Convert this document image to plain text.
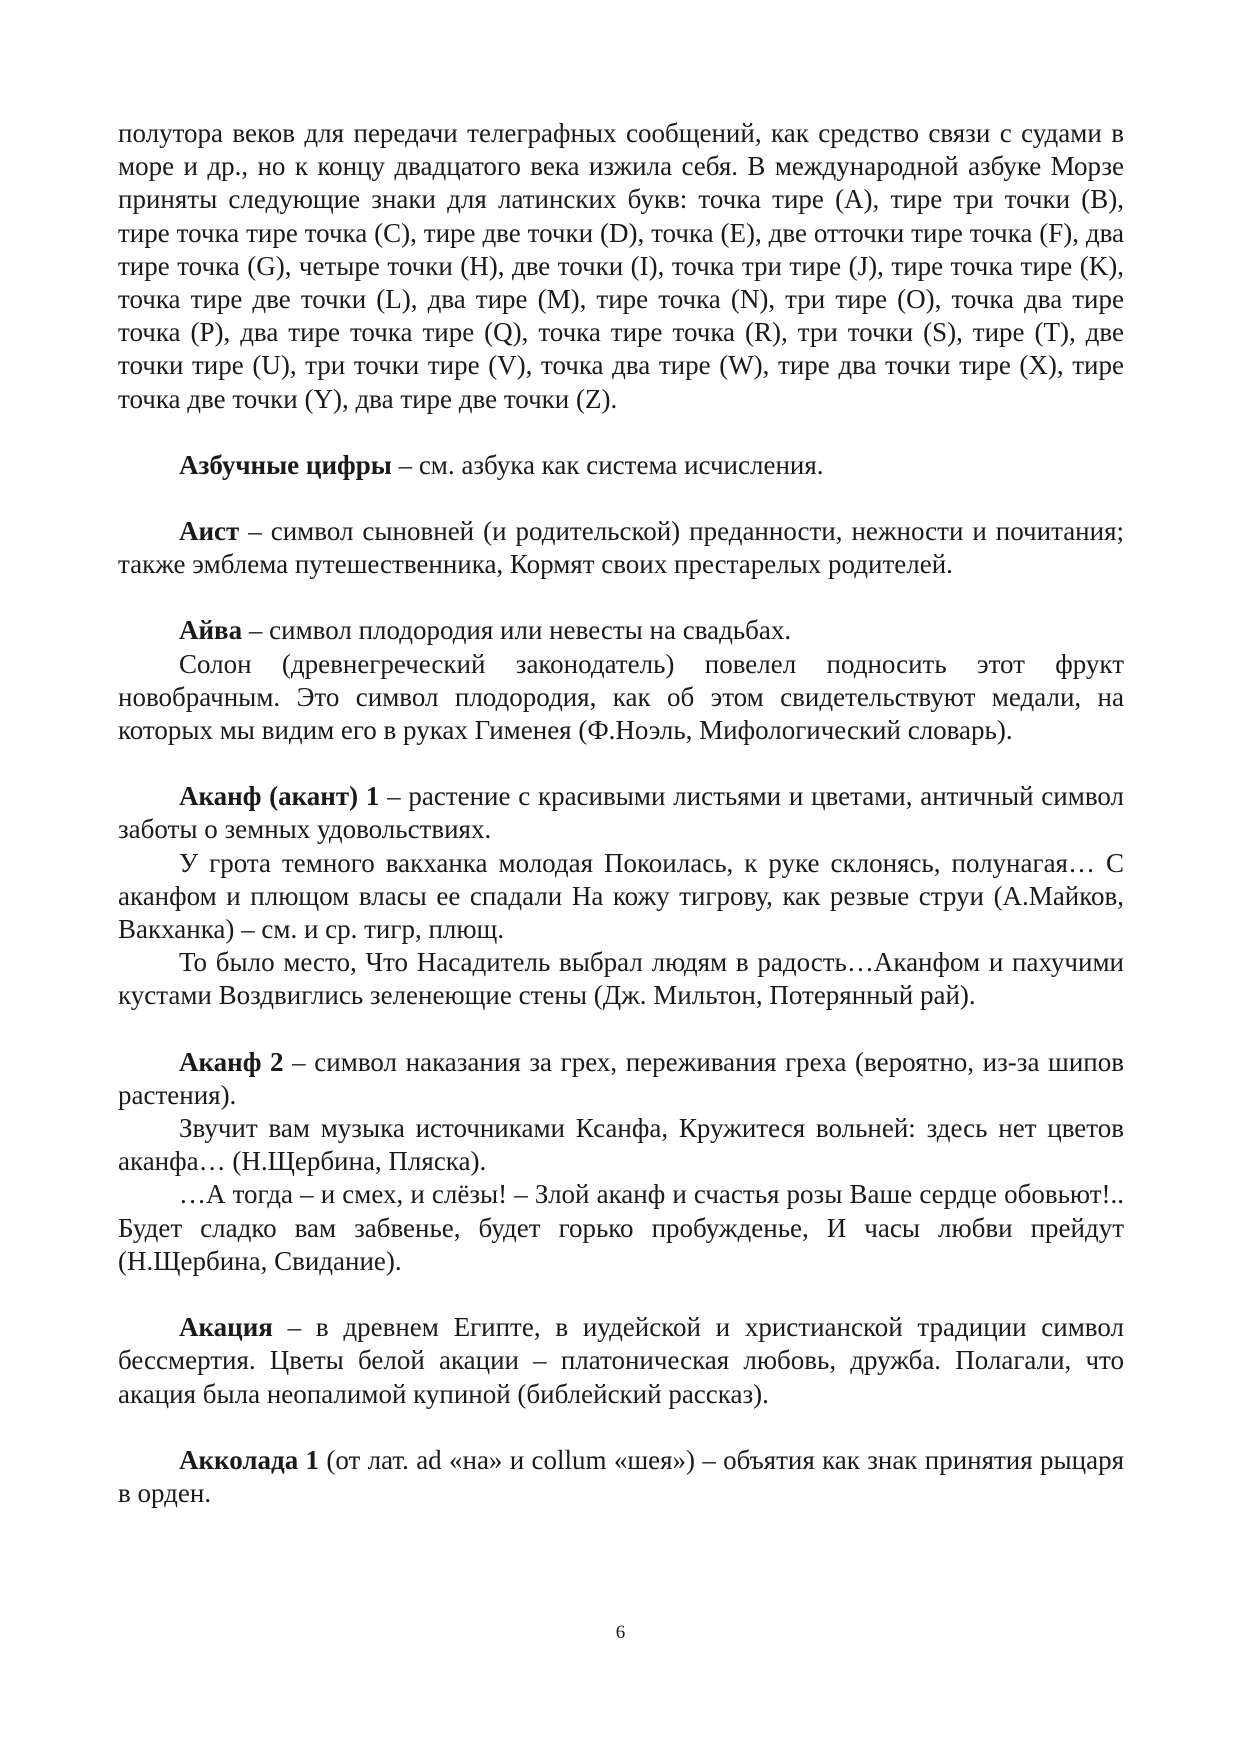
полутора веков для передачи телеграфных сообщений, как средство связи с судами в море и др., но к концу двадцатого века изжила себя. В международной азбуке Морзе приняты следующие знаки для латинских букв: точка тире (A), тире три точки (B), тире точка тире точка (C), тире две точки (D), точка (E), две отточки тире точка (F), два тире точка (G), четыре точки (H), две точки (I), точка три тире (J), тире точка тире (K), точка тире две точки (L), два тире (M), тире точка (N), три тире (O), точка два тире точка (P), два тире точка тире (Q), точка тире точка (R), три точки (S), тире (T), две точки тире (U), три точки тире (V), точка два тире (W), тире два точки тире (X), тире точка две точки (Y), два тире две точки (Z).

Азбучные цифры – см. азбука как система исчисления.

Аист – символ сыновней (и родительской) преданности, нежности и почитания; также эмблема путешественника, Кормят своих престарелых родителей.

Айва – символ плодородия или невесты на свадьбах.

Солон (древнегреческий законодатель) повелел подносить этот фрукт новобрачным. Это символ плодородия, как об этом свидетельствуют медали, на которых мы видим его в руках Гименея (Ф.Ноэль, Мифологический словарь).

Аканф (акант) 1 – растение с красивыми листьями и цветами, античный символ заботы о земных удовольствиях.

У грота темного вакханка молодая Покоилась, к руке склонясь, полунагая… С аканфом и плющом власы ее спадали На кожу тигрову, как резвые струи (А.Майков, Вакханка) – см. и ср. тигр, плющ.

То было место, Что Насадитель выбрал людям в радость…Аканфом и пахучими кустами Воздвиглись зеленеющие стены (Дж. Мильтон, Потерянный рай).

Аканф 2 – символ наказания за грех, переживания греха (вероятно, из-за шипов растения).

Звучит вам музыка источниками Ксанфа, Кружитеся вольней: здесь нет цветов аканфа… (Н.Щербина, Пляска).

…А тогда – и смех, и слёзы! – Злой аканф и счастья розы Ваше сердце обовьют!.. Будет сладко вам забвенье, будет горько пробужденье, И часы любви прейдут (Н.Щербина, Свидание).

Акация – в древнем Египте, в иудейской и христианской традиции символ бессмертия. Цветы белой акации – платоническая любовь, дружба. Полагали, что акация была неопалимой купиной (библейский рассказ).

Акколада 1 (от лат. ad «на» и collum «шея») – объятия как знак принятия рыцаря в орден.

6
